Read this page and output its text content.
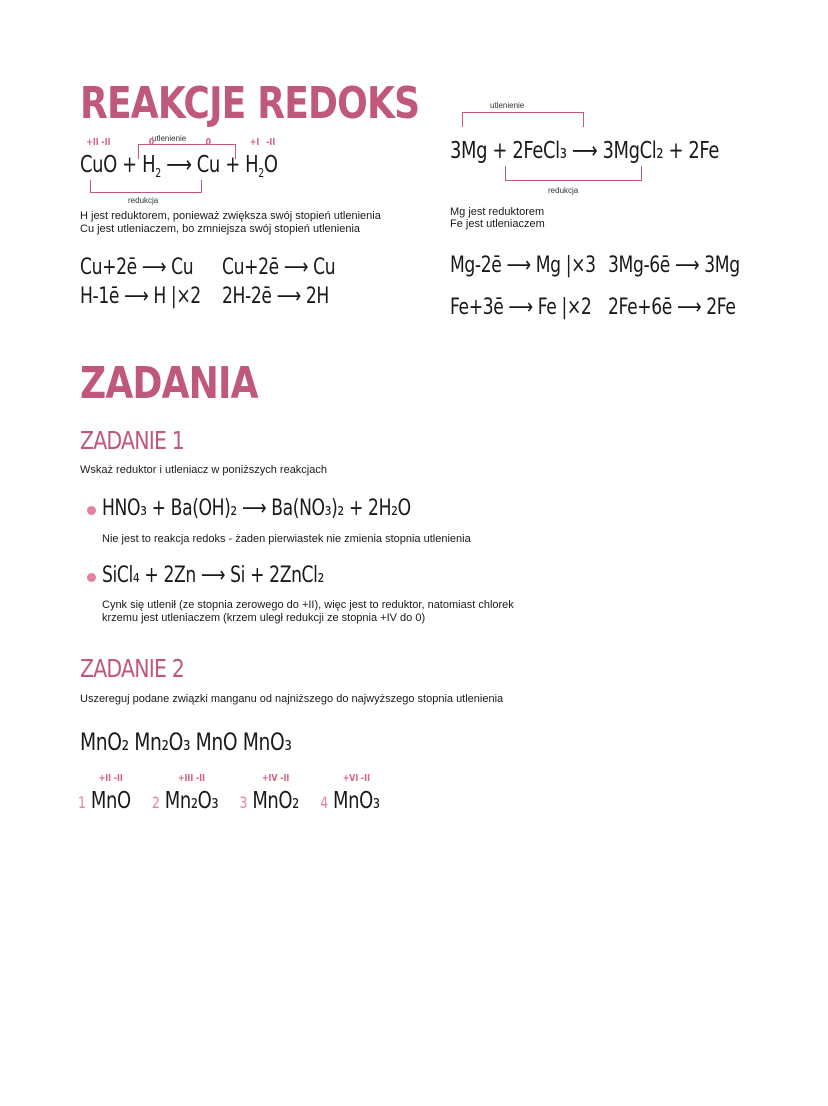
REAKCJE REDOKS
utlenienie
+II -II
CuO +
0
$H_2$ ⟶
0
Cu +
+I
$H_2$
-II
O
redukcja
H jest reduktorem, ponieważ zwiększa swój stopień utlenienia
Cu jest utleniaczem, bo zmniejsza swój stopień utlenienia
Cu+2ē ⟶ Cu Cu+2ē ⟶ Cu
H-1ē ⟶ H |×2 2H-2ē ⟶ 2H
utlenienie
3Mg + 2FeCl₃ ⟶ 3MgCl₂ + 2Fe
redukcja
Mg jest reduktorem
Fe jest utleniaczem
Mg-2ē ⟶ Mg |×3 3Mg-6ē ⟶ 3Mg
Fe+3ē ⟶ Fe |×2 2Fe+6ē ⟶ 2Fe
ZADANIA
ZADANIE 1
Wskaż reduktor i utleniacz w poniższych reakcjach
HNO₃ + Ba(OH)₂ ⟶ Ba(NO₃)₂ + 2H₂O
Nie jest to reakcja redoks - żaden pierwiastek nie zmienia stopnia utlenienia
SiCl₄ + 2Zn ⟶ Si + 2ZnCl₂
Cynk się utlenił (ze stopnia zerowego do +II), więc jest to reduktor, natomiast chlorek
krzemu jest utleniaczem (krzem uległ redukcji ze stopnia +IV do 0)
ZADANIE 2
Uszereguj podane związki manganu od najniższego do najwyższego stopnia utlenienia
MnO₂ Mn₂O₃ MnO MnO₃
1
+II -II
MnO 2
+III -II
Mn₂O₃ 3
+IV -II
MnO₂ 4
+VI -II
MnO₃
